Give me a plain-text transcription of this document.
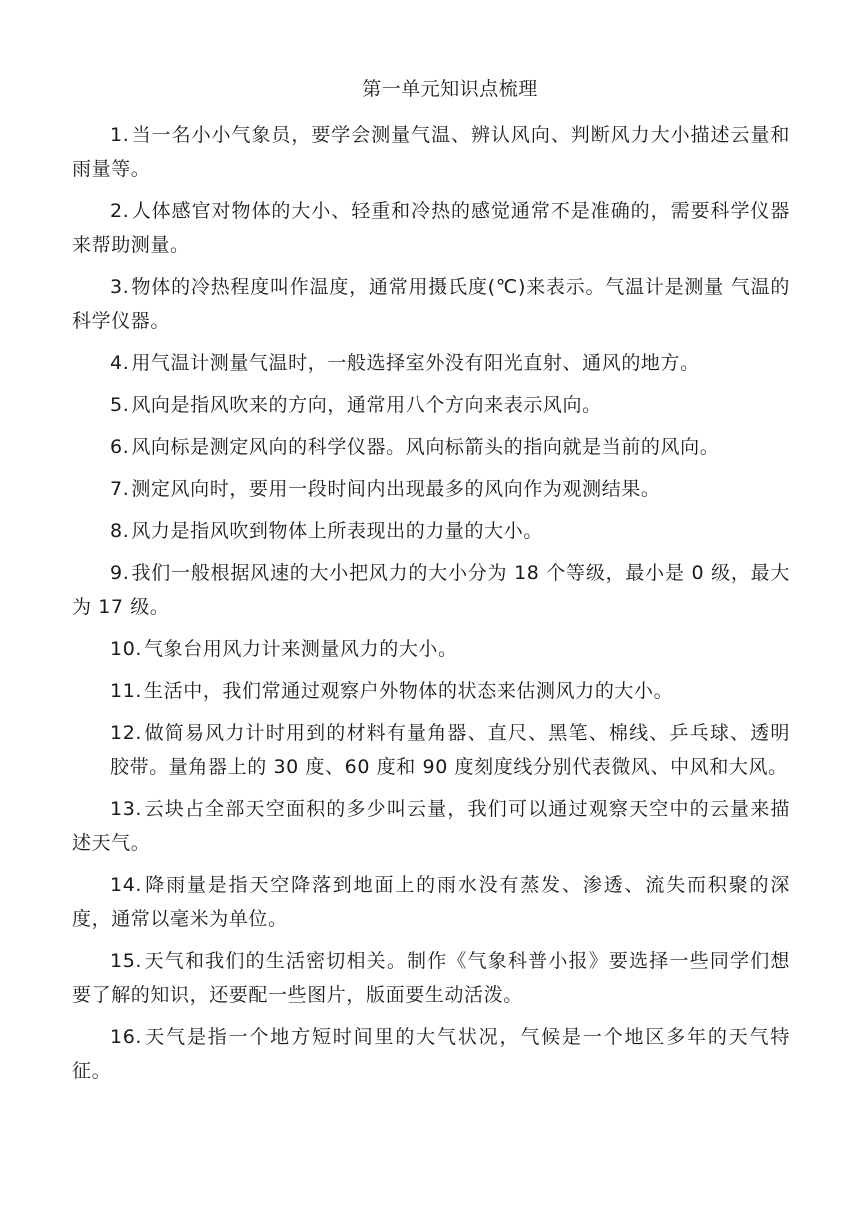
第一单元知识点梳理

1. 当一名小小气象员，要学会测量气温、辨认风向、判断风力大小描述云量和雨量等。

2. 人体感官对物体的大小、轻重和冷热的感觉通常不是准确的，需要科学仪器来帮助测量。

3. 物体的冷热程度叫作温度，通常用摄氏度(℃)来表示。气温计是测量 气温的科学仪器。

4. 用气温计测量气温时，一般选择室外没有阳光直射、通风的地方。

5. 风向是指风吹来的方向，通常用八个方向来表示风向。

6. 风向标是测定风向的科学仪器。风向标箭头的指向就是当前的风向。

7. 测定风向时，要用一段时间内出现最多的风向作为观测结果。

8. 风力是指风吹到物体上所表现出的力量的大小。

9. 我们一般根据风速的大小把风力的大小分为 18 个等级，最小是 0 级，最大为 17 级。

10. 气象台用风力计来测量风力的大小。

11. 生活中，我们常通过观察户外物体的状态来估测风力的大小。

12. 做简易风力计时用到的材料有量角器、直尺、黑笔、棉线、乒乓球、透明胶带。量角器上的 30 度、60 度和 90 度刻度线分别代表微风、中风和大风。

13. 云块占全部天空面积的多少叫云量，我们可以通过观察天空中的云量来描述天气。

14. 降雨量是指天空降落到地面上的雨水没有蒸发、渗透、流失而积聚的深度，通常以毫米为单位。

15. 天气和我们的生活密切相关。制作《气象科普小报》要选择一些同学们想要了解的知识，还要配一些图片，版面要生动活泼。

16. 天气是指一个地方短时间里的大气状况，气候是一个地区多年的天气特征。
